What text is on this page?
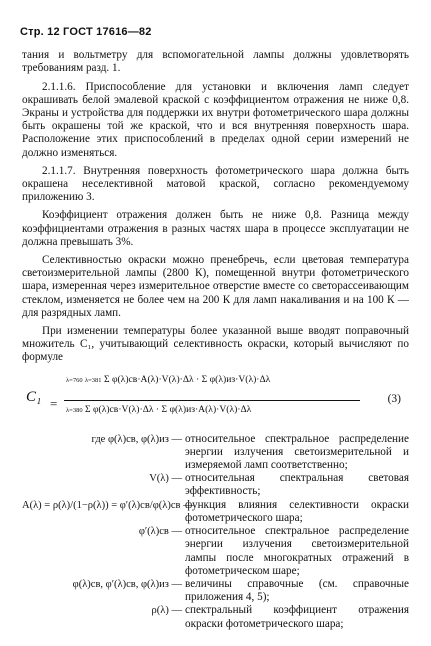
Стр. 12 ГОСТ 17616—82

тания и вольтметру для вспомогательной лампы должны удовлетворять требованиям разд. 1.

2.1.1.6. Приспособление для установки и включения ламп следует окрашивать белой эмалевой краской с коэффициентом отражения не ниже 0,8. Экраны и устройства для поддержки их внутри фотометрического шара должны быть окрашены той же краской, что и вся внутренняя поверхность шара. Расположение этих приспособлений в пределах одной серии измерений не должно изменяться.

2.1.1.7. Внутренняя поверхность фотометрического шара должна быть окрашена неселективной матовой краской, согласно рекомендуемому приложению 3.

Коэффициент отражения должен быть не ниже 0,8. Разница между коэффициентами отражения в разных частях шара в процессе эксплуатации не должна превышать 3%.

Селективностью окраски можно пренебречь, если цветовая температура светоизмерительной лампы (2800 К), помещенной внутри фотометрического шара, измеренная через измерительное отверстие вместе со светорассеивающим стеклом, изменяется не более чем на 200 К для ламп накаливания и на 100 К — для разрядных ламп.

При изменении температуры более указанной выше вводят поправочный множитель C₁, учитывающий селективность окраски, который вычисляют по формуле

C₁ =
λ=760 λ=381 Σ φ(λ)св·A(λ)·V(λ)·Δλ · Σ φ(λ)из·V(λ)·Δλ
λ=380 Σ φ(λ)св·V(λ)·Δλ · Σ φ(λ)из·A(λ)·V(λ)·Δλ
(3)
где φ(λ)св, φ(λ)из — относительное спектральное распределение энергии излучения светоизмерительной и измеряемой ламп соответственно;
V(λ) — относительная спектральная световая эффективность;
A(λ) = ρ(λ)/(1−ρ(λ)) = φ′(λ)св/φ(λ)св —
функция влияния селективности окраски фотометрического шара;
φ′(λ)св — относительное спектральное распределение энергии излучения светоизмерительной лампы после многократных отражений в фотометрическом шаре;
φ(λ)св, φ′(λ)св, φ(λ)из — величины справочные (см. справочные приложения 4, 5);
ρ(λ) — спектральный коэффициент отражения окраски фотометрического шара;
